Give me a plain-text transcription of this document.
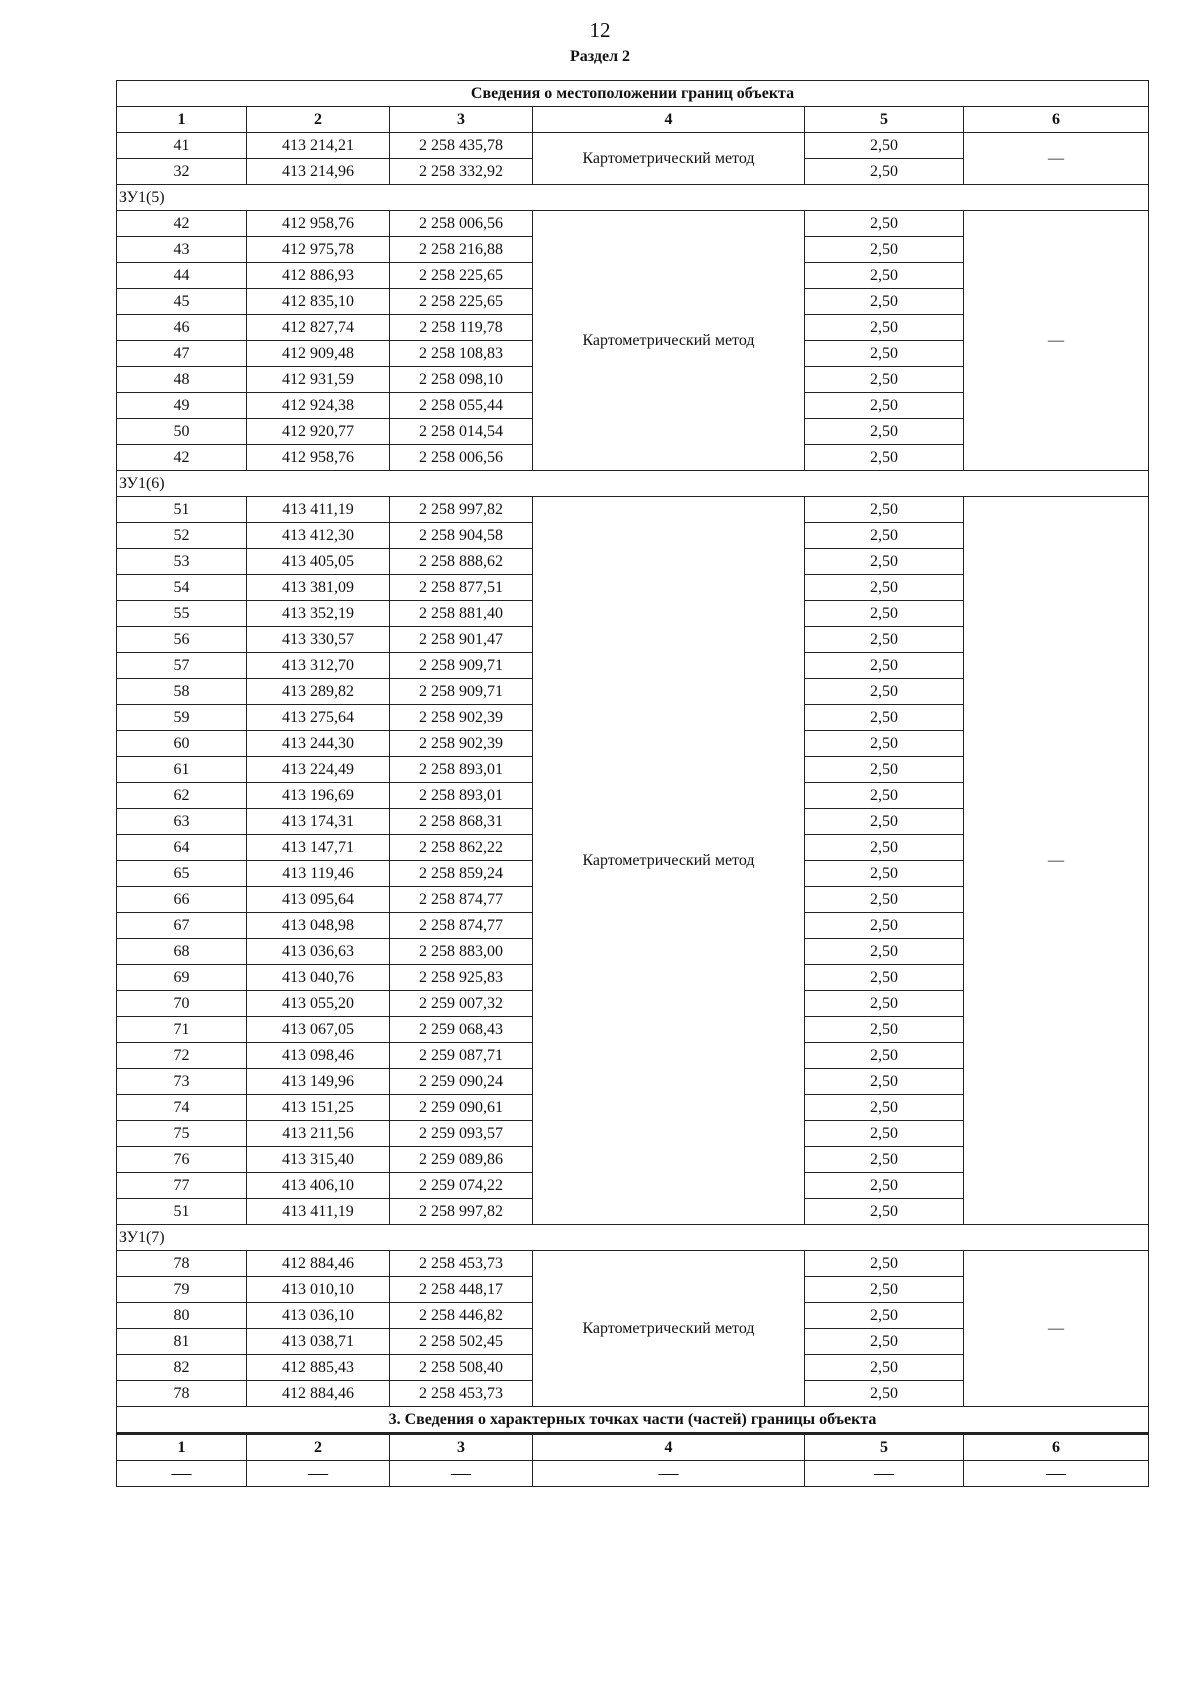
12
Раздел 2
Сведения о местоположении границ объекта					
1	2	3	4	5	6
41	413 214,21	2 258 435,78	Картометрический метод	2,50	—
32	413 214,96	2 258 332,92		2,50	
ЗУ1(5)					
42	412 958,76	2 258 006,56	Картометрический метод	2,50	—
43	412 975,78	2 258 216,88		2,50	
44	412 886,93	2 258 225,65		2,50	
45	412 835,10	2 258 225,65		2,50	
46	412 827,74	2 258 119,78		2,50	
47	412 909,48	2 258 108,83		2,50	
48	412 931,59	2 258 098,10		2,50	
49	412 924,38	2 258 055,44		2,50	
50	412 920,77	2 258 014,54		2,50	
42	412 958,76	2 258 006,56		2,50	
ЗУ1(6)					
51	413 411,19	2 258 997,82	Картометрический метод	2,50	—
52	413 412,30	2 258 904,58		2,50	
53	413 405,05	2 258 888,62		2,50	
54	413 381,09	2 258 877,51		2,50	
55	413 352,19	2 258 881,40		2,50	
56	413 330,57	2 258 901,47		2,50	
57	413 312,70	2 258 909,71		2,50	
58	413 289,82	2 258 909,71		2,50	
59	413 275,64	2 258 902,39		2,50	
60	413 244,30	2 258 902,39		2,50	
61	413 224,49	2 258 893,01		2,50	
62	413 196,69	2 258 893,01		2,50	
63	413 174,31	2 258 868,31		2,50	
64	413 147,71	2 258 862,22		2,50	
65	413 119,46	2 258 859,24		2,50	
66	413 095,64	2 258 874,77		2,50	
67	413 048,98	2 258 874,77		2,50	
68	413 036,63	2 258 883,00		2,50	
69	413 040,76	2 258 925,83		2,50	
70	413 055,20	2 259 007,32		2,50	
71	413 067,05	2 259 068,43		2,50	
72	413 098,46	2 259 087,71		2,50	
73	413 149,96	2 259 090,24		2,50	
74	413 151,25	2 259 090,61		2,50	
75	413 211,56	2 259 093,57		2,50	
76	413 315,40	2 259 089,86		2,50	
77	413 406,10	2 259 074,22		2,50	
51	413 411,19	2 258 997,82		2,50	
ЗУ1(7)					
78	412 884,46	2 258 453,73	Картометрический метод	2,50	—
79	413 010,10	2 258 448,17		2,50	
80	413 036,10	2 258 446,82		2,50	
81	413 038,71	2 258 502,45		2,50	
82	412 885,43	2 258 508,40		2,50	
78	412 884,46	2 258 453,73		2,50	
3. Сведения о характерных точках части (частей) границы объекта					
1	2	3	4	5	6
—	—	—	—	—	—
